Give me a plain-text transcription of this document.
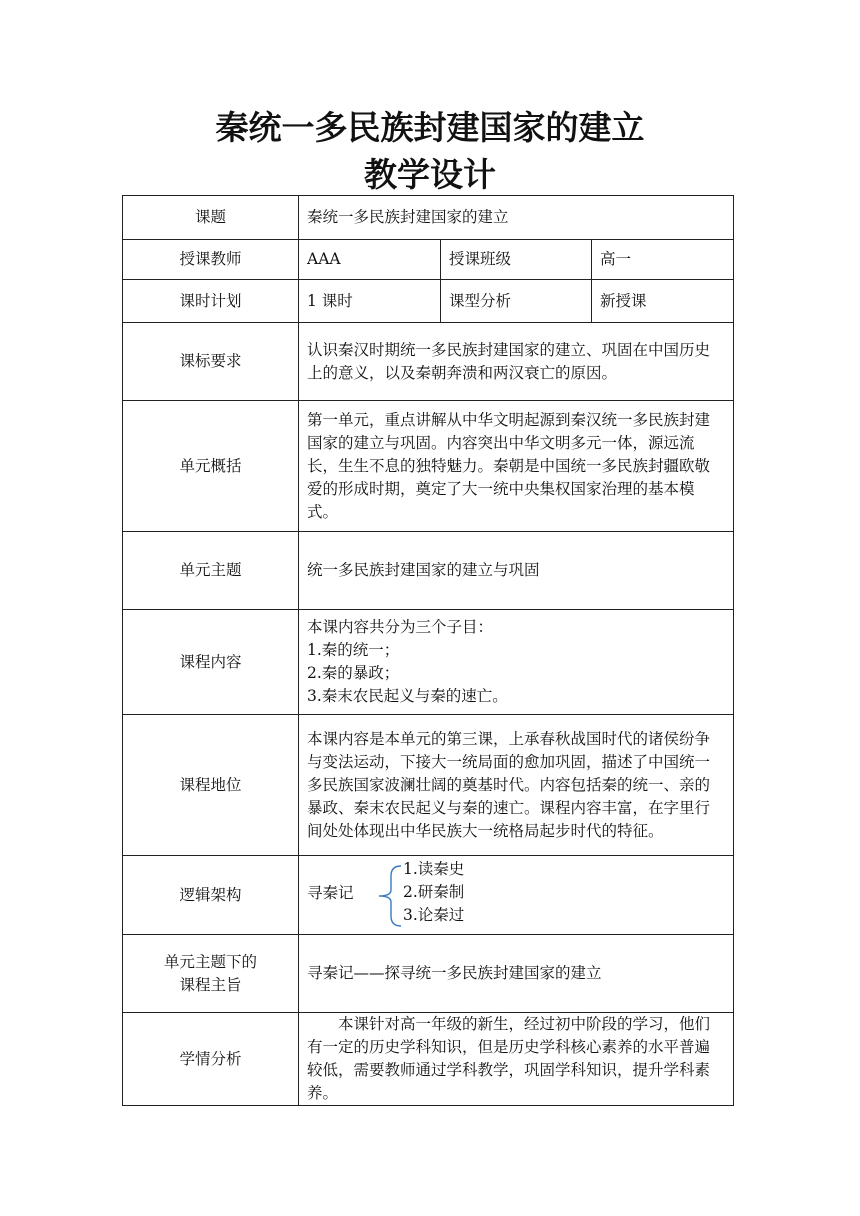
秦统一多民族封建国家的建立
教学设计
课题	秦统一多民族封建国家的建立		
授课教师	AAA	授课班级	高一
课时计划	1 课时	课型分析	新授课
课标要求	认识秦汉时期统一多民族封建国家的建立、巩固在中国历史上的意义，以及秦朝奔溃和两汉衰亡的原因。		
单元概括	第一单元，重点讲解从中华文明起源到秦汉统一多民族封建国家的建立与巩固。内容突出中华文明多元一体，源远流长，生生不息的独特魅力。秦朝是中国统一多民族封疆欧敬爱的形成时期，奠定了大一统中央集权国家治理的基本模式。		
单元主题	统一多民族封建国家的建立与巩固		
课程内容	本课内容共分为三个子目：
1.秦的统一；
2.秦的暴政；
3.秦末农民起义与秦的速亡。		

课程地位	本课内容是本单元的第三课，上承春秋战国时代的诸侯纷争与变法运动，下接大一统局面的愈加巩固，描述了中国统一多民族国家波澜壮阔的奠基时代。内容包括秦的统一、亲的暴政、秦末农民起义与秦的速亡。课程内容丰富，在字里行间处处体现出中华民族大一统格局起步时代的特征。		
逻辑架构	寻秦记
1.读秦史
2.研秦制
3.论秦过		

单元主题下的
课程主旨	寻秦记——探寻统一多民族封建国家的建立		
学情分析	本课针对高一年级的新生，经过初中阶段的学习，他们有一定的历史学科知识，但是历史学科核心素养的水平普遍较低，需要教师通过学科教学，巩固学科知识，提升学科素养。		
